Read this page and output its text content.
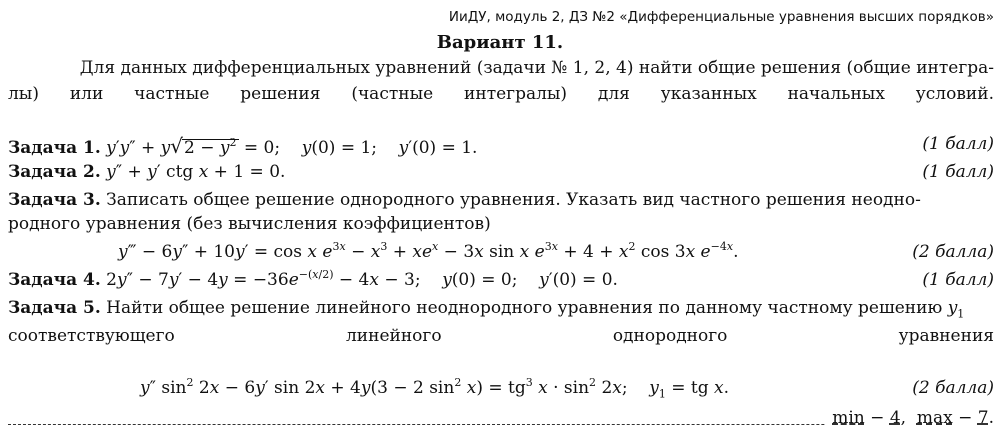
ИиДУ, модуль 2, ДЗ №2 «Дифференциальные уравнения высших порядков»
Вариант 11.
Для данных дифференциальных уравнений (задачи № 1, 2, 4) найти общие решения (общие интегра-
лы) или частные решения (частные интегралы) для указанных начальных условий.
Задача 1. $y'y'' + y√2 - y^2 = 0$;    y(0) = 1;    y′(0) = 1.	(1 балл)
Задача 2. y″ + y′ ctg x + 1 = 0.	(1 балл)
Задача 3. Записать общее решение однородного уравнения. Указать вид частного решения неодно-
родного уравнения (без вычисления коэффициентов)
y‴ − 6y″ + 10y′ = cos x $e^{3x} - x^3 + xe^x - 3x$ sin x $e^{3x} + 4 + x^2$ cos 3x $e^{-4x}$.	(2 балла)
Задача 4. $2y'' - 7y' - 4y = -36e^{-(x/2)} - 4x - 3$;    y(0) = 0;    y′(0) = 0.	(1 балл)
Задача 5. Найти общее решение линейного неоднородного уравнения по данному частному решению $y_1$
соответствующего	линейного	однородного	уравнения
y″ $\sin^2 2x - 6y'$ sin 2x + 4y(3 − 2 $\sin^2 x) = tg^3$ $x \cdot \sin^2 2x$;    $y_1$ = tg x.	(2 балла)
min − 4,  max − 7.
